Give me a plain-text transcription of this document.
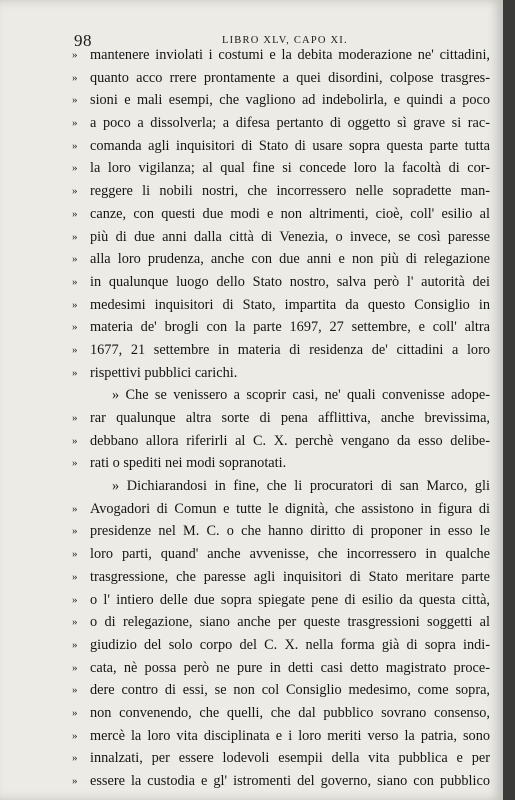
98	LIBRO XLV, CAPO XI.
» mantenere inviolati i costumi e la debita moderazione ne' cittadini,
» quanto acco rrere prontamente a quei disordini, colpose trasgres-
» sioni e mali esempi, che vagliono ad indebolirla, e quindi a poco
» a poco a dissolverla; a difesa pertanto di oggetto sì grave si rac-
» comanda agli inquisitori di Stato di usare sopra questa parte tutta
» la loro vigilanza; al qual fine si concede loro la facoltà di cor-
» reggere li nobili nostri, che incorressero nelle sopradette man-
» canze, con questi due modi e non altrimenti, cioè, coll' esilio al
» più di due anni dalla città di Venezia, o invece, se così paresse
» alla loro prudenza, anche con due anni e non più di relegazione
» in qualunque luogo dello Stato nostro, salva però l' autorità dei
» medesimi inquisitori di Stato, impartita da questo Consiglio in
» materia de' brogli con la parte 1697, 27 settembre, e coll' altra
» 1677, 21 settembre in materia di residenza de' cittadini a loro
» rispettivi pubblici carichi.
» Che se venissero a scoprir casi, ne' quali convenisse adope-
» rar qualunque altra sorte di pena afflittiva, anche brevissima,
» debbano allora riferirli al C. X. perchè vengano da esso delibe-
» rati o spediti nei modi sopranotati.
» Dichiarandosi in fine, che li procuratori di san Marco, gli
» Avogadori di Comun e tutte le dignità, che assistono in figura di
» presidenze nel M. C. o che hanno diritto di proponer in esso le
» loro parti, quand' anche avvenisse, che incorressero in qualche
» trasgressione, che paresse agli inquisitori di Stato meritare parte
» o l' intiero delle due sopra spiegate pene di esilio da questa città,
» o di relegazione, siano anche per queste trasgressioni soggetti al
» giudizio del solo corpo del C. X. nella forma già di sopra indi-
» cata, nè possa però ne pure in detti casi detto magistrato proce-
» dere contro di essi, se non col Consiglio medesimo, come sopra,
» non convenendo, che quelli, che dal pubblico sovrano consenso,
» mercè la loro vita disciplinata e i loro meriti verso la patria, sono
» innalzati, per essere lodevoli esempii della vita pubblica e per
» essere la custodia e gl' istromenti del governo, siano con pubblico
